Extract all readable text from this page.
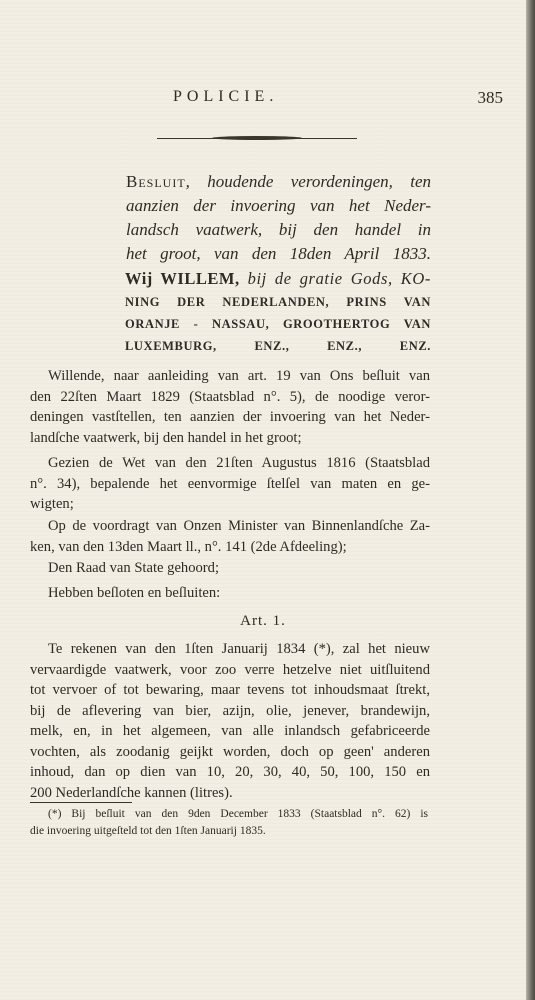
POLICIE.	385

Besluit, houdende verordeningen, ten

aanzien der invoering van het Neder-

landsch vaatwerk, bij den handel in

het groot, van den 18den April 1833.

Wij WILLEM, bij de gratie Gods, KO-

NING DER NEDERLANDEN, PRINS VAN

ORANJE - NASSAU, GROOTHERTOG VAN

LUXEMBURG, ENZ., ENZ., ENZ.

Willende, naar aanleiding van art. 19 van Ons beſluit van
den 22ſten Maart 1829 (Staatsblad n°. 5), de noodige veror-
deningen vastſtellen, ten aanzien der invoering van het Neder-
landſche vaatwerk, bij den handel in het groot;

Gezien de Wet van den 21ſten Augustus 1816 (Staatsblad
n°. 34), bepalende het eenvormige ſtelſel van maten en ge-
wigten;

Op de voordragt van Onzen Minister van Binnenlandſche Za-
ken, van den 13den Maart ll., n°. 141 (2de Afdeeling);

Den Raad van State gehoord;

Hebben beſloten en beſluiten:

Art. 1.

Te rekenen van den 1ſten Januarij 1834 (*), zal het nieuw
vervaardigde vaatwerk, voor zoo verre hetzelve niet uitſluitend
tot vervoer of tot bewaring, maar tevens tot inhoudsmaat ſtrekt,
bij de aflevering van bier, azijn, olie, jenever, brandewijn,
melk, en, in het algemeen, van alle inlandsch gefabriceerde
vochten, als zoodanig geijkt worden, doch op geen' anderen
inhoud, dan op dien van 10, 20, 30, 40, 50, 100, 150 en
200 Nederlandſche kannen (litres).

(*) Bij beſluit van den 9den December 1833 (Staatsblad n°. 62) is
die invoering uitgeſteld tot den 1ſten Januarij 1835.
